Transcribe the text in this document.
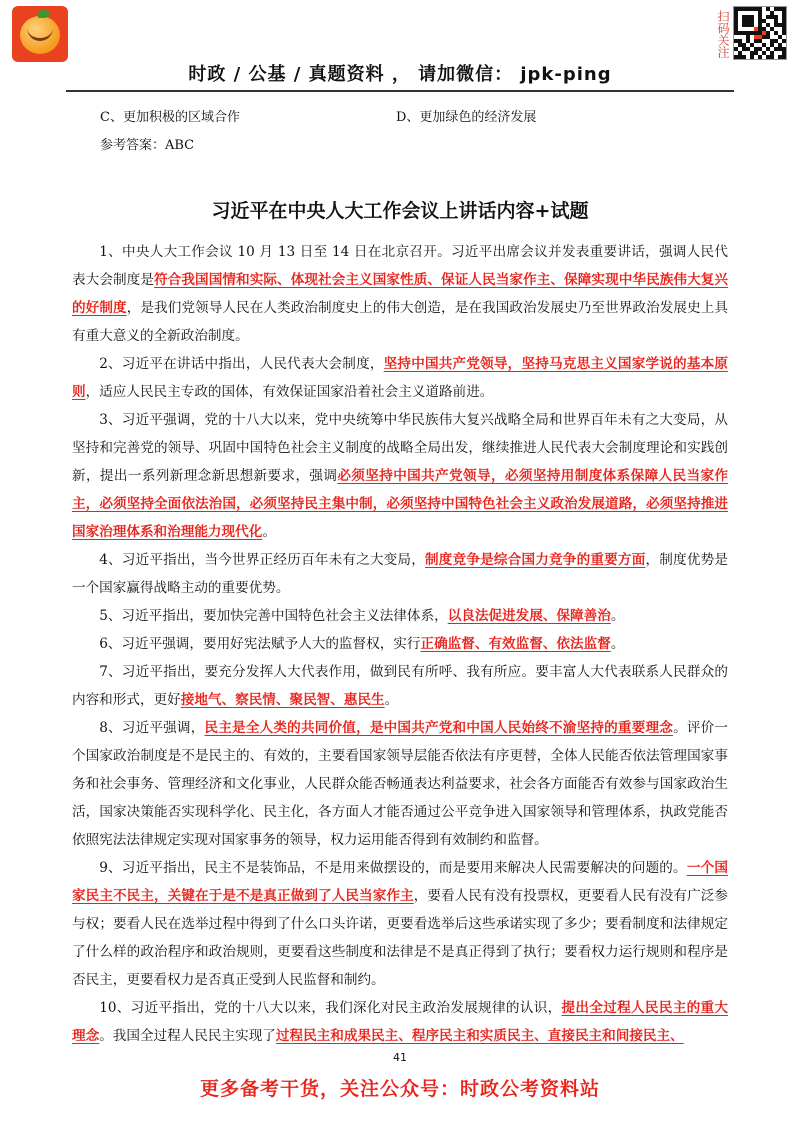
时政 / 公基 / 真题资料 ， 请加微信： jpk-ping
扫码关注
C、更加积极的区域合作	D、更加绿色的经济发展
参考答案：ABC
习近平在中央人大工作会议上讲话内容+试题

1、中央人大工作会议 10 月 13 日至 14 日在北京召开。习近平出席会议并发表重要讲话，强调人民代表大会制度是符合我国国情和实际、体现社会主义国家性质、保证人民当家作主、保障实现中华民族伟大复兴的好制度，是我们党领导人民在人类政治制度史上的伟大创造，是在我国政治发展史乃至世界政治发展史上具有重大意义的全新政治制度。

2、习近平在讲话中指出，人民代表大会制度，坚持中国共产党领导，坚持马克思主义国家学说的基本原则，适应人民民主专政的国体，有效保证国家沿着社会主义道路前进。

3、习近平强调，党的十八大以来，党中央统筹中华民族伟大复兴战略全局和世界百年未有之大变局，从坚持和完善党的领导、巩固中国特色社会主义制度的战略全局出发，继续推进人民代表大会制度理论和实践创新，提出一系列新理念新思想新要求，强调必须坚持中国共产党领导，必须坚持用制度体系保障人民当家作主，必须坚持全面依法治国，必须坚持民主集中制，必须坚持中国特色社会主义政治发展道路，必须坚持推进国家治理体系和治理能力现代化。

4、习近平指出，当今世界正经历百年未有之大变局，制度竞争是综合国力竞争的重要方面，制度优势是一个国家赢得战略主动的重要优势。

5、习近平指出，要加快完善中国特色社会主义法律体系，以良法促进发展、保障善治。

6、习近平强调，要用好宪法赋予人大的监督权，实行正确监督、有效监督、依法监督。

7、习近平指出，要充分发挥人大代表作用，做到民有所呼、我有所应。要丰富人大代表联系人民群众的内容和形式，更好接地气、察民情、聚民智、惠民生。

8、习近平强调，民主是全人类的共同价值，是中国共产党和中国人民始终不渝坚持的重要理念。评价一个国家政治制度是不是民主的、有效的，主要看国家领导层能否依法有序更替，全体人民能否依法管理国家事务和社会事务、管理经济和文化事业，人民群众能否畅通表达利益要求，社会各方面能否有效参与国家政治生活，国家决策能否实现科学化、民主化，各方面人才能否通过公平竞争进入国家领导和管理体系，执政党能否依照宪法法律规定实现对国家事务的领导，权力运用能否得到有效制约和监督。

9、习近平指出，民主不是装饰品，不是用来做摆设的，而是要用来解决人民需要解决的问题的。一个国家民主不民主，关键在于是不是真正做到了人民当家作主，要看人民有没有投票权，更要看人民有没有广泛参与权；要看人民在选举过程中得到了什么口头许诺，更要看选举后这些承诺实现了多少；要看制度和法律规定了什么样的政治程序和政治规则，更要看这些制度和法律是不是真正得到了执行；要看权力运行规则和程序是否民主，更要看权力是否真正受到人民监督和制约。

10、习近平指出，党的十八大以来，我们深化对民主政治发展规律的认识，提出全过程人民民主的重大理念。我国全过程人民民主实现了过程民主和成果民主、程序民主和实质民主、直接民主和间接民主、

41
更多备考干货，关注公众号：时政公考资料站
